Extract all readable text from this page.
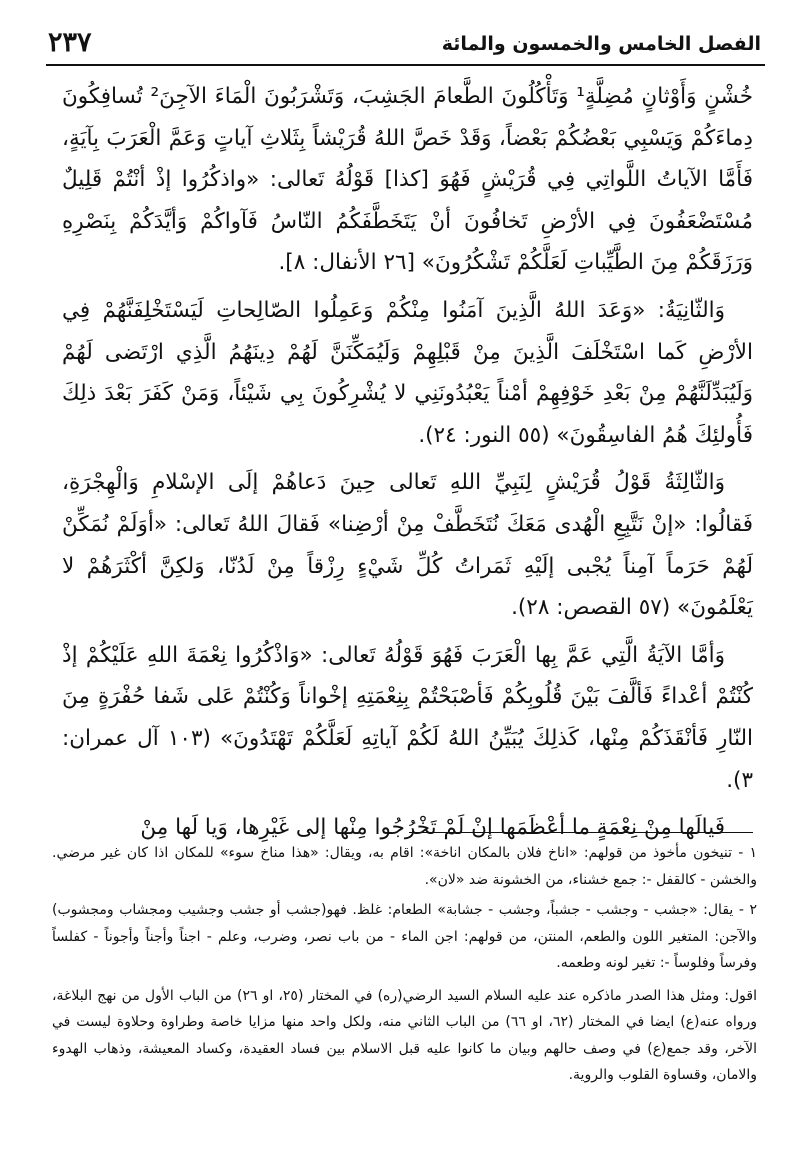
٢٣٧	الفصل الخامس والخمسون والمائة

خُشْنٍ وَأَوْثانٍ مُضِلَّةٍ¹ وَتَأْكُلُونَ الطَّعامَ الجَشِبَ، وَتَشْرَبُونَ الْمَاءَ الآجِنَ² تُسافِكُونَ دِماءَكُمْ وَيَسْبِي بَعْضُكُمْ بَعْضاً، وَقَدْ خَصَّ اللهُ قُرَيْشاً بِثَلاثِ آياتٍ وَعَمَّ الْعَرَبَ بِآيَةٍ، فَأَمَّا الآياتُ اللَّواتِي فِي قُرَيْشٍ فَهُوَ [كذا] قَوْلُهُ تَعالى: «واذكُرُوا إذْ أنْتُمْ قَلِيلٌ مُسْتَضْعَفُونَ فِي الأرْضِ تَخافُونَ أنْ يَتَخَطَّفَكُمُ النّاسُ فَآواكُمْ وَأيَّدَكُمْ بِنَصْرِهِ وَرَزَقَكُمْ مِنَ الطَّيِّباتِ لَعَلَّكُمْ تَشْكُرُونَ» [٢٦ الأنفال: ٨].

وَالثّانِيَةُ: «وَعَدَ اللهُ الَّذِينَ آمَنُوا مِنْكُمْ وَعَمِلُوا الصّالِحاتِ لَيَسْتَخْلِفَنَّهُمْ فِي الأرْضِ كَما اسْتَخْلَفَ الَّذِينَ مِنْ قَبْلِهِمْ وَلَيُمَكِّنَنَّ لَهُمْ دِينَهُمُ الَّذِي ارْتَضى لَهُمْ وَلَيُبَدِّلَنَّهُمْ مِنْ بَعْدِ خَوْفِهِمْ أمْناً يَعْبُدُونَنِي لا يُشْرِكُونَ بِي شَيْئاً، وَمَنْ كَفَرَ بَعْدَ ذلِكَ فَأُولئِكَ هُمُ الفاسِقُونَ» (٥٥ النور: ٢٤).

وَالثّالِثَةُ قَوْلُ قُرَيْشٍ لِنَبِيِّ اللهِ تَعالى حِينَ دَعاهُمْ إلَى الإسْلامِ وَالْهِجْرَةِ، فَقالُوا: «إنْ نَتَّبِعِ الْهُدى مَعَكَ نُتَخَطَّفْ مِنْ أرْضِنا» فَقالَ اللهُ تَعالى: «أوَلَمْ نُمَكِّنْ لَهُمْ حَرَماً آمِناً يُجْبى إلَيْهِ ثَمَراتُ كُلِّ شَيْءٍ رِزْقاً مِنْ لَدُنّا، وَلكِنَّ أكْثَرَهُمْ لا يَعْلَمُونَ» (٥٧ القصص: ٢٨).

وَأمَّا الآيَةُ الَّتِي عَمَّ بِها الْعَرَبَ فَهُوَ قَوْلُهُ تَعالى: «وَاذْكُرُوا نِعْمَةَ اللهِ عَلَيْكُمْ إذْ كُنْتُمْ أعْداءً فَألَّفَ بَيْنَ قُلُوبِكُمْ فَأصْبَحْتُمْ بِنِعْمَتِهِ إخْواناً وَكُنْتُمْ عَلى شَفا حُفْرَةٍ مِنَ النّارِ فَأنْقَذَكُمْ مِنْها، كَذلِكَ يُبَيِّنُ اللهُ لَكُمْ آياتِهِ لَعَلَّكُمْ تَهْتَدُونَ» (١٠٣ آل عمران: ٣).

فَيالَها مِنْ نِعْمَةٍ ما أعْظَمَها إنْ لَمْ تَخْرُجُوا مِنْها إلى غَيْرِها، وَيا لَها مِنْ

١ - تنيخون مأخوذ من قولهم: «اناخ فلان بالمكان اناخة»: اقام به، ويقال: «هذا مناخ سوء» للمكان اذا كان غير مرضي. والخشن - كالقفل -: جمع خشناء، من الخشونة ضد «لان».

٢ - يقال: «جشب - وجشب - جشباً، وجشب - جشابة» الطعام: غلظ. فهو(جشب أو جشب وجشيب ومجشاب ومجشوب) والآجن: المتغير اللون والطعم، المنتن، من قولهم: اجن الماء - من باب نصر، وضرب، وعلم - اجناً وأجناً وأجوناً - كفلساً وفرساً وفلوساً -: تغير لونه وطعمه.

اقول: ومثل هذا الصدر ماذكره عند عليه السلام السيد الرضي(ره) في المختار (٢٥، او ٢٦) من الباب الأول من نهج البلاغة، ورواه عنه(ع) ايضا في المختار (٦٢، او ٦٦) من الباب الثاني منه، ولكل واحد منها مزايا خاصة وطراوة وحلاوة ليست في الآخر، وقد جمع(ع) في وصف حالهم وبيان ما كانوا عليه قبل الاسلام بين فساد العقيدة، وكساد المعيشة، وذهاب الهدوء والامان، وقساوة القلوب والروية.
